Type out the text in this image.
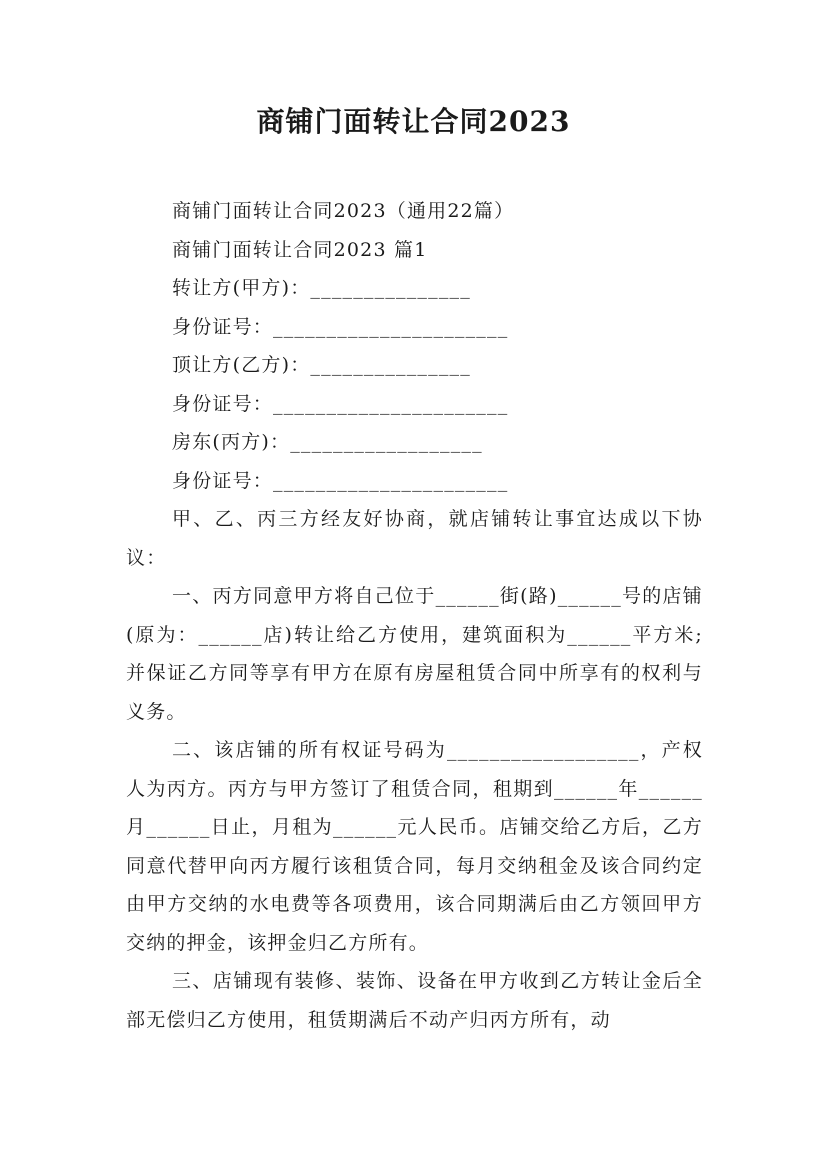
商铺门面转让合同2023
商铺门面转让合同2023（通用22篇）
商铺门面转让合同2023 篇1
转让方(甲方)：_______________
身份证号：______________________
顶让方(乙方)：_______________
身份证号：______________________
房东(丙方)：__________________
身份证号：______________________
甲、乙、丙三方经友好协商，就店铺转让事宜达成以下协议：
一、丙方同意甲方将自己位于______街(路)______号的店铺(原为：______店)转让给乙方使用，建筑面积为______平方米;并保证乙方同等享有甲方在原有房屋租赁合同中所享有的权利与义务。
二、该店铺的所有权证号码为__________________，产权人为丙方。丙方与甲方签订了租赁合同，租期到______年______月______日止，月租为______元人民币。店铺交给乙方后，乙方同意代替甲向丙方履行该租赁合同，每月交纳租金及该合同约定由甲方交纳的水电费等各项费用，该合同期满后由乙方领回甲方交纳的押金，该押金归乙方所有。
三、店铺现有装修、装饰、设备在甲方收到乙方转让金后全部无偿归乙方使用，租赁期满后不动产归丙方所有，动
